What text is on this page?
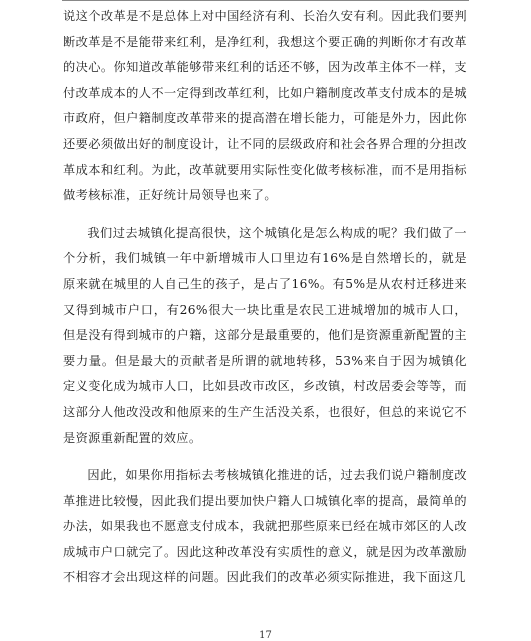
说这个改革是不是总体上对中国经济有利、长治久安有利。因此我们要判断改革是不是能带来红利，是净红利，我想这个要正确的判断你才有改革的决心。你知道改革能够带来红利的话还不够，因为改革主体不一样，支付改革成本的人不一定得到改革红利，比如户籍制度改革支付成本的是城市政府，但户籍制度改革带来的提高潜在增长能力，可能是外力，因此你还要必须做出好的制度设计，让不同的层级政府和社会各界合理的分担改革成本和红利。为此，改革就要用实际性变化做考核标准，而不是用指标做考核标准，正好统计局领导也来了。

我们过去城镇化提高很快，这个城镇化是怎么构成的呢？我们做了一个分析，我们城镇一年中新增城市人口里边有16%是自然增长的，就是原来就在城里的人自己生的孩子，是占了16%。有5%是从农村迁移进来又得到城市户口，有26%很大一块比重是农民工进城增加的城市人口，但是没有得到城市的户籍，这部分是最重要的，他们是资源重新配置的主要力量。但是最大的贡献者是所谓的就地转移，53%来自于因为城镇化定义变化成为城市人口，比如县改市改区，乡改镇，村改居委会等等，而这部分人他改没改和他原来的生产生活没关系，也很好，但总的来说它不是资源重新配置的效应。

因此，如果你用指标去考核城镇化推进的话，过去我们说户籍制度改革推进比较慢，因此我们提出要加快户籍人口城镇化率的提高，最简单的办法，如果我也不愿意支付成本，我就把那些原来已经在城市郊区的人改成城市户口就完了。因此这种改革没有实质性的意义，就是因为改革激励不相容才会出现这样的问题。因此我们的改革必须实际推进，我下面这几

17
